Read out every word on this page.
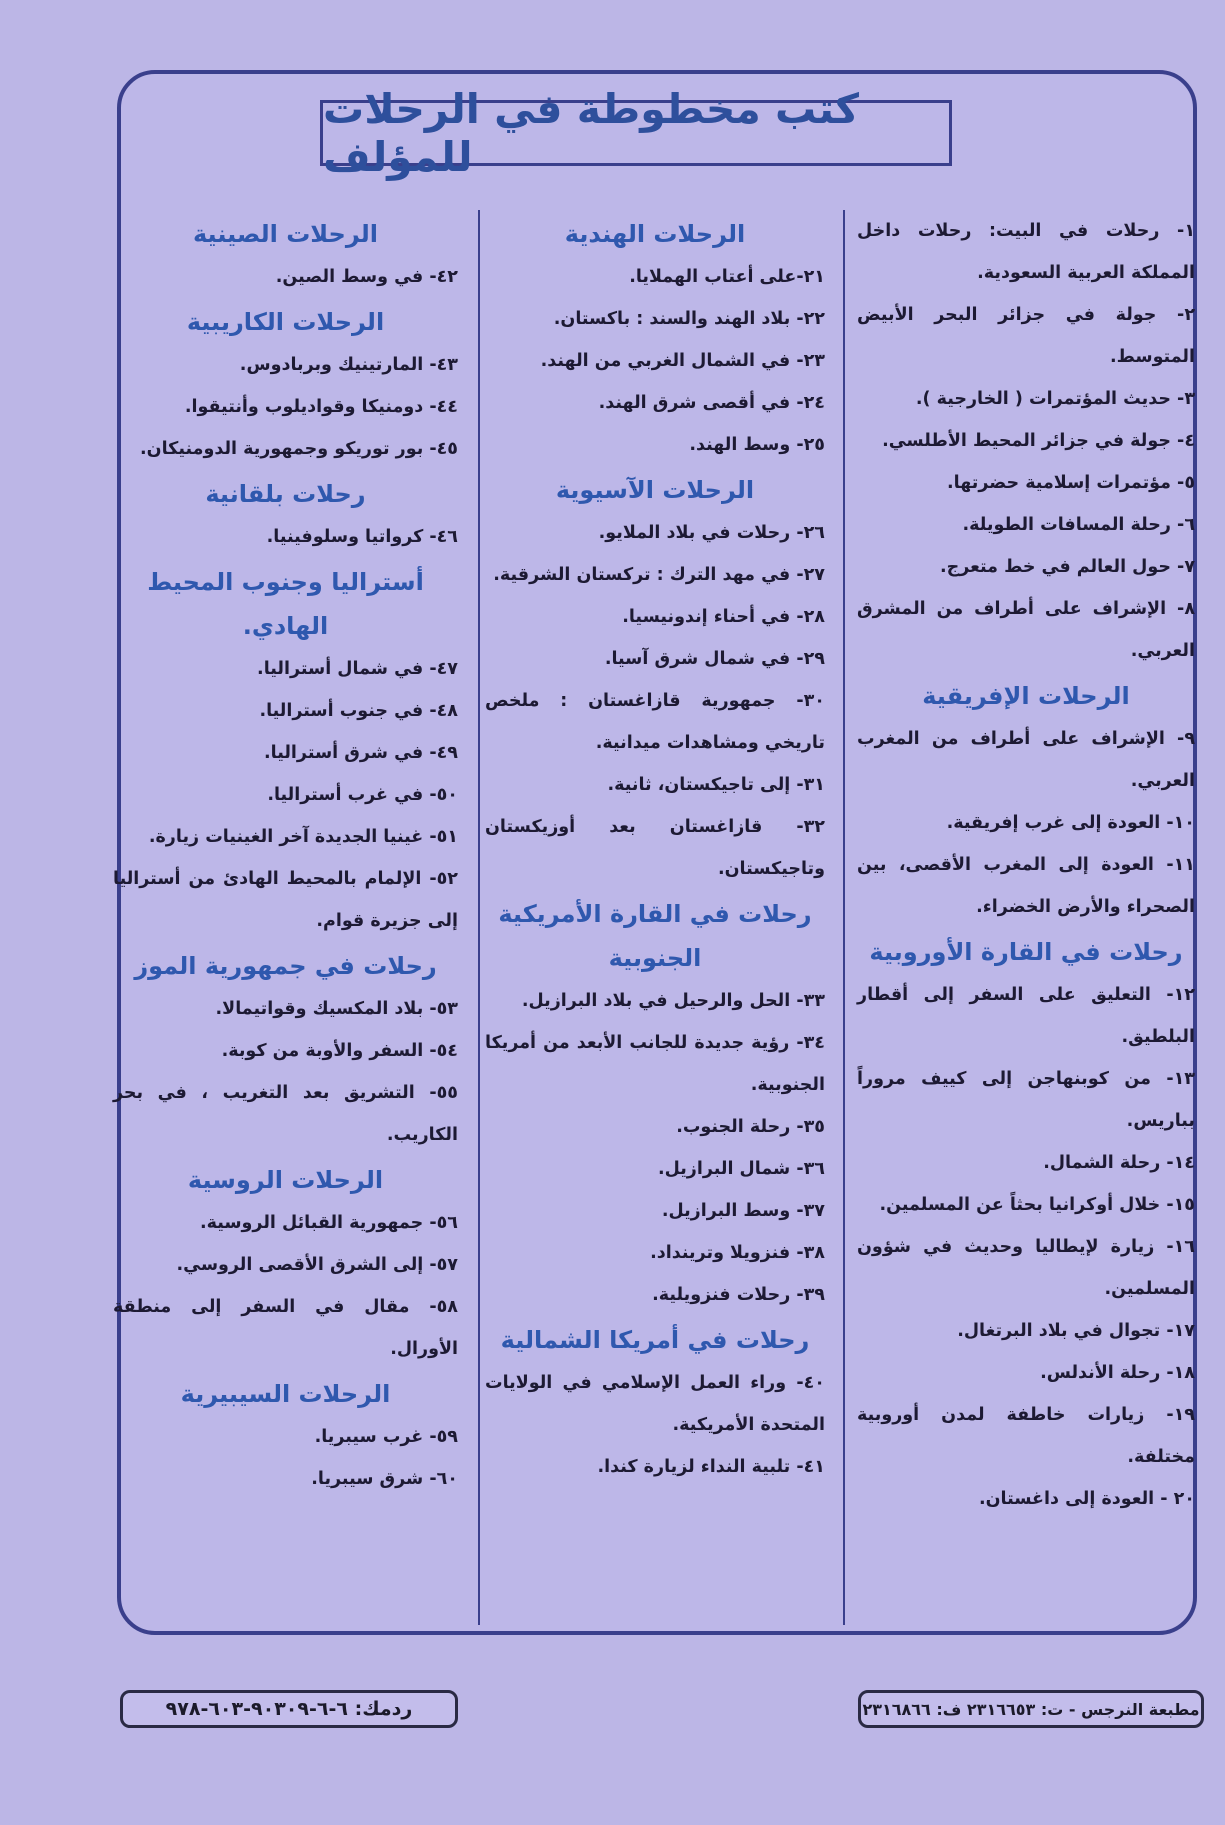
كتب مخطوطة في الرحلات للمؤلف

١- رحلات في البيت: رحلات داخل المملكة العربية السعودية.

٢- جولة في جزائر البحر الأبيض المتوسط.

٣- حديث المؤتمرات ( الخارجية ).

٤- جولة في جزائر المحيط الأطلسي.

٥- مؤتمرات إسلامية حضرتها.

٦- رحلة المسافات الطويلة.

٧- حول العالم في خط متعرج.

٨- الإشراف على أطراف من المشرق العربي.

الرحلات الإفريقية

٩- الإشراف على أطراف من المغرب العربي.

١٠- العودة إلى غرب إفريقية.

١١- العودة إلى المغرب الأقصى، بين الصحراء والأرض الخضراء.

رحلات في القارة الأوروبية

١٢- التعليق على السفر إلى أقطار البلطيق.

١٣- من كوبنهاجن إلى كييف مروراً بباريس.

١٤- رحلة الشمال.

١٥- خلال أوكرانيا بحثاً عن المسلمين.

١٦- زيارة لإيطاليا وحديث في شؤون المسلمين.

١٧- تجوال في بلاد البرتغال.

١٨- رحلة الأندلس.

١٩- زيارات خاطفة لمدن أوروبية مختلفة.

٢٠ - العودة إلى داغستان.

الرحلات الهندية

٢١-على أعتاب الهملايا.

٢٢- بلاد الهند والسند : باكستان.

٢٣- في الشمال الغربي من الهند.

٢٤- في أقصى شرق الهند.

٢٥- وسط الهند.

الرحلات الآسيوية

٢٦- رحلات في بلاد الملايو.

٢٧- في مهد الترك : تركستان الشرقية.

٢٨- في أحناء إندونيسيا.

٢٩- في شمال شرق آسيا.

٣٠- جمهورية قازاغستان : ملخص تاريخي ومشاهدات ميدانية.

٣١- إلى تاجيكستان، ثانية.

٣٢- قازاغستان بعد أوزيكستان وتاجيكستان.

رحلات في القارة الأمريكية الجنوبية

٣٣- الحل والرحيل في بلاد البرازيل.

٣٤- رؤية جديدة للجانب الأبعد من أمريكا الجنوبية.

٣٥- رحلة الجنوب.

٣٦- شمال البرازيل.

٣٧- وسط البرازيل.

٣٨- فنزويلا وترينداد.

٣٩- رحلات فنزويلية.

رحلات في أمريكا الشمالية

٤٠- وراء العمل الإسلامي في الولايات المتحدة الأمريكية.

٤١- تلبية النداء لزيارة كندا.

الرحلات الصينية

٤٢- في وسط الصين.

الرحلات الكاريبية

٤٣- المارتينيك وبربادوس.

٤٤- دومنيكا وقواديلوب وأنتيقوا.

٤٥- بور توريكو وجمهورية الدومنيكان.

رحلات بلقانية

٤٦- كرواتيا وسلوفينيا.

أستراليا وجنوب المحيط الهادي.

٤٧- في شمال أستراليا.

٤٨- في جنوب أستراليا.

٤٩- في شرق أستراليا.

٥٠- في غرب أستراليا.

٥١- غينيا الجديدة آخر الغينيات زيارة.

٥٢- الإلمام بالمحيط الهادئ من أستراليا إلى جزيرة قوام.

رحلات في جمهورية الموز

٥٣- بلاد المكسيك وقواتيمالا.

٥٤- السفر والأوبة من كوبة.

٥٥- التشريق بعد التغريب ، في بحر الكاريب.

الرحلات الروسية

٥٦- جمهورية القبائل الروسية.

٥٧- إلى الشرق الأقصى الروسي.

٥٨- مقال في السفر إلى منطقة الأورال.

الرحلات السيبيرية

٥٩- غرب سيبريا.

٦٠- شرق سيبريا.

ردمك: ٦-٦-٩٠٣٠٩-٦٠٣-٩٧٨	مطبعة النرجس - ت: ٢٣١٦٦٥٣ ف: ٢٣١٦٨٦٦
